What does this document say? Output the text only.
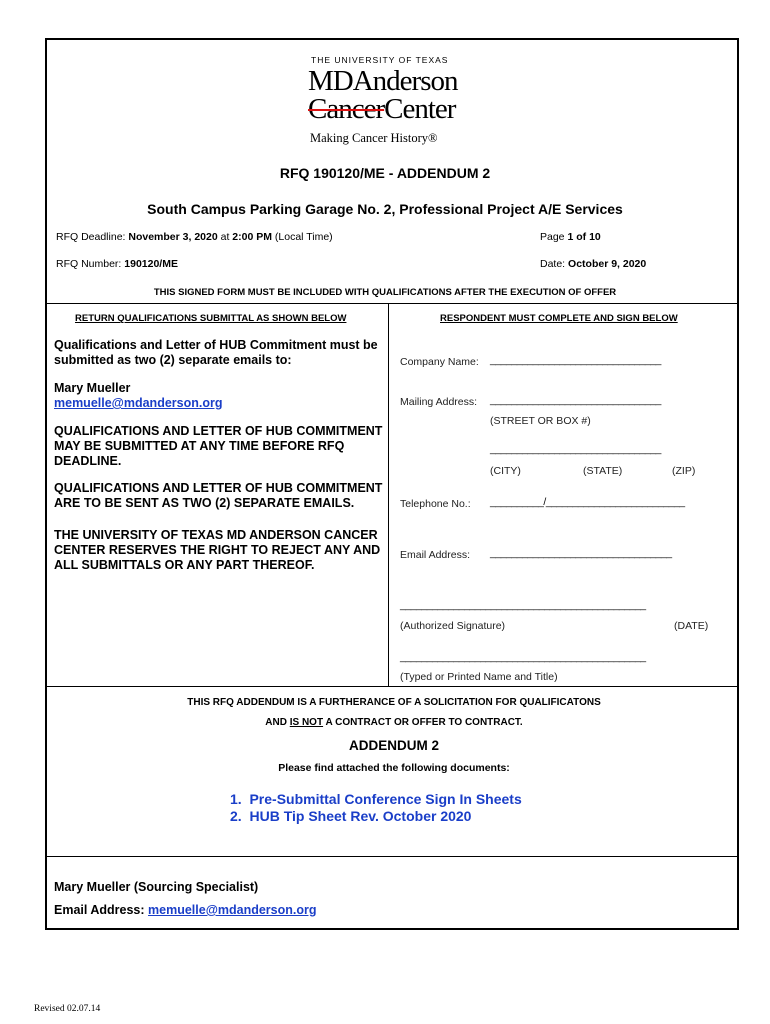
THE UNIVERSITY OF TEXAS
MDAnderson
CancerCenter
Making Cancer History®
RFQ 190120/ME - ADDENDUM 2
South Campus Parking Garage No. 2, Professional Project A/E Services
RFQ Deadline: November 3, 2020 at 2:00 PM (Local Time)	Page 1 of 10
RFQ Number: 190120/ME	Date: October 9, 2020
THIS SIGNED FORM MUST BE INCLUDED WITH QUALIFICATIONS AFTER THE EXECUTION OF OFFER
RETURN QUALIFICATIONS SUBMITTAL AS SHOWN BELOW
Qualifications and Letter of HUB Commitment must be
submitted as two (2) separate emails to:
Mary Mueller
memuelle@mdanderson.org
QUALIFICATIONS AND LETTER OF HUB COMMITMENT
MAY BE SUBMITTED AT ANY TIME BEFORE RFQ
DEADLINE.
QUALIFICATIONS AND LETTER OF HUB COMMITMENT
ARE TO BE SENT AS TWO (2) SEPARATE EMAILS.
THE UNIVERSITY OF TEXAS MD ANDERSON CANCER
CENTER RESERVES THE RIGHT TO REJECT ANY AND
ALL SUBMITTALS OR ANY PART THEREOF.
RESPONDENT MUST COMPLETE AND SIGN BELOW
Company Name: ________________________________
Mailing Address: ________________________________
(STREET OR BOX #)
________________________________
(CITY)	(STATE)	(ZIP)
Telephone No.: __________/__________________________
Email Address: __________________________________
______________________________________________
(Authorized Signature)	(DATE)
______________________________________________
(Typed or Printed Name and Title)
THIS RFQ ADDENDUM IS A FURTHERANCE OF A SOLICITATION FOR QUALIFICATONS
AND IS NOT A CONTRACT OR OFFER TO CONTRACT.
ADDENDUM 2
Please find attached the following documents:
1. Pre-Submittal Conference Sign In Sheets
2. HUB Tip Sheet Rev. October 2020
Mary Mueller (Sourcing Specialist)
Email Address: memuelle@mdanderson.org
Revised 02.07.14
